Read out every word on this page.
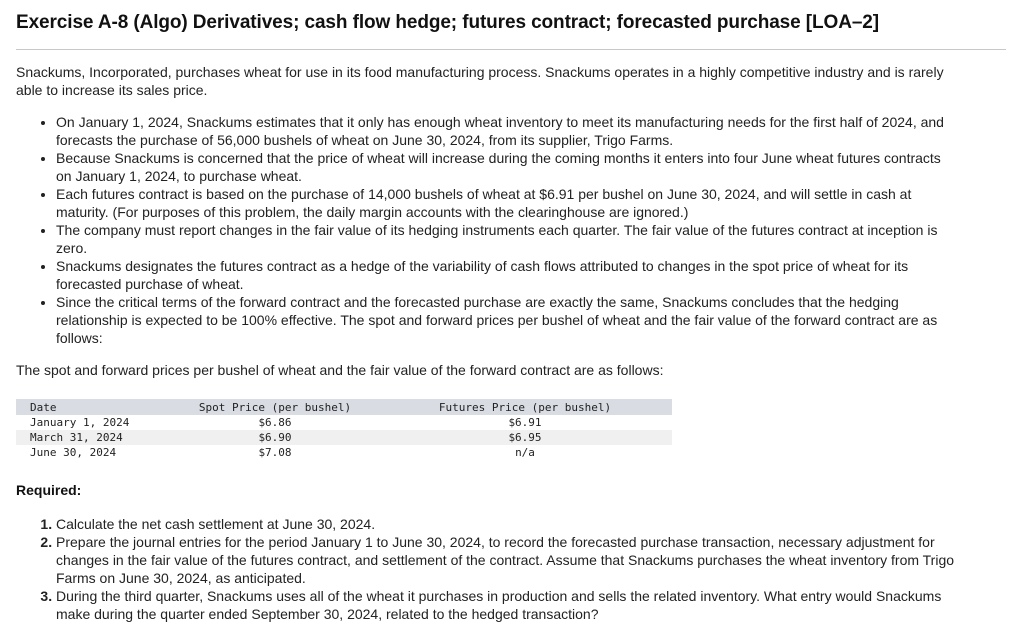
Exercise A-8 (Algo) Derivatives; cash flow hedge; futures contract; forecasted purchase [LOA–2]

Snackums, Incorporated, purchases wheat for use in its food manufacturing process. Snackums operates in a highly competitive industry and is rarely able to increase its sales price.

• On January 1, 2024, Snackums estimates that it only has enough wheat inventory to meet its manufacturing needs for the first half of 2024, and forecasts the purchase of 56,000 bushels of wheat on June 30, 2024, from its supplier, Trigo Farms.
• Because Snackums is concerned that the price of wheat will increase during the coming months it enters into four June wheat futures contracts on January 1, 2024, to purchase wheat.
• Each futures contract is based on the purchase of 14,000 bushels of wheat at $6.91 per bushel on June 30, 2024, and will settle in cash at maturity. (For purposes of this problem, the daily margin accounts with the clearinghouse are ignored.)
• The company must report changes in the fair value of its hedging instruments each quarter. The fair value of the futures contract at inception is zero.
• Snackums designates the futures contract as a hedge of the variability of cash flows attributed to changes in the spot price of wheat for its forecasted purchase of wheat.
• Since the critical terms of the forward contract and the forecasted purchase are exactly the same, Snackums concludes that the hedging relationship is expected to be 100% effective. The spot and forward prices per bushel of wheat and the fair value of the forward contract are as follows:

The spot and forward prices per bushel of wheat and the fair value of the forward contract are as follows:

Date	Spot Price (per bushel)	Futures Price (per bushel)
January 1, 2024	$6.86	$6.91
March 31, 2024	$6.90	$6.95
June 30, 2024	$7.08	n/a

Required:

1. Calculate the net cash settlement at June 30, 2024.
2. Prepare the journal entries for the period January 1 to June 30, 2024, to record the forecasted purchase transaction, necessary adjustment for changes in the fair value of the futures contract, and settlement of the contract. Assume that Snackums purchases the wheat inventory from Trigo Farms on June 30, 2024, as anticipated.
3. During the third quarter, Snackums uses all of the wheat it purchases in production and sells the related inventory. What entry would Snackums make during the quarter ended September 30, 2024, related to the hedged transaction?
